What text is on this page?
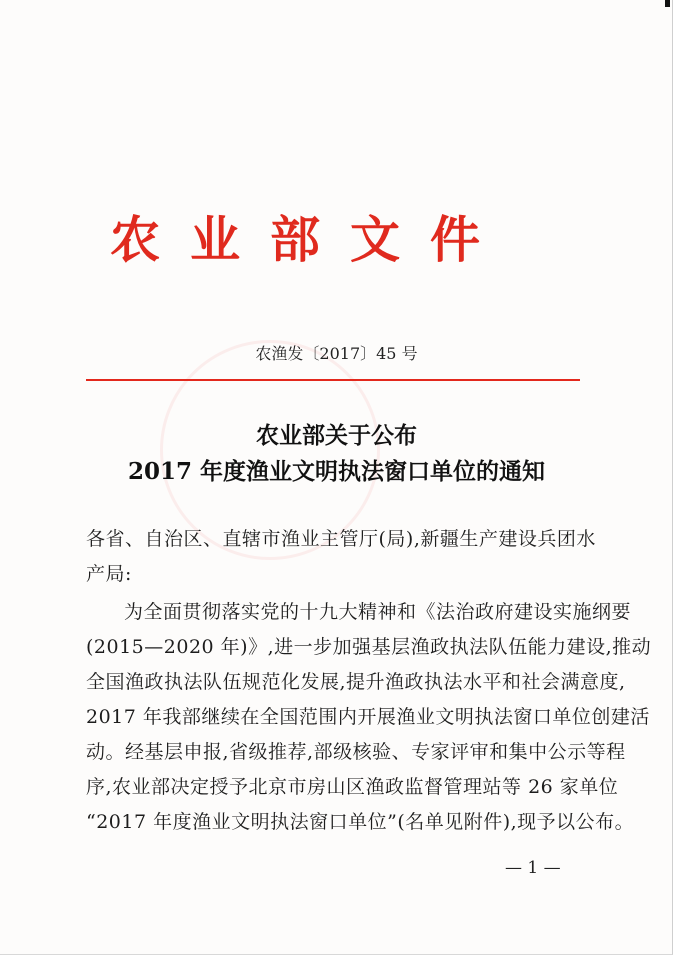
农业部文件
农渔发〔2017〕45 号
农业部关于公布
2017 年度渔业文明执法窗口单位的通知
各省、自治区、直辖市渔业主管厅(局),新疆生产建设兵团水
产局:
为全面贯彻落实党的十九大精神和《法治政府建设实施纲要
(2015—2020 年)》,进一步加强基层渔政执法队伍能力建设,推动
全国渔政执法队伍规范化发展,提升渔政执法水平和社会满意度,
2017 年我部继续在全国范围内开展渔业文明执法窗口单位创建活
动。经基层申报,省级推荐,部级核验、专家评审和集中公示等程
序,农业部决定授予北京市房山区渔政监督管理站等 26 家单位
“2017 年度渔业文明执法窗口单位”(名单见附件),现予以公布。
— 1 —
